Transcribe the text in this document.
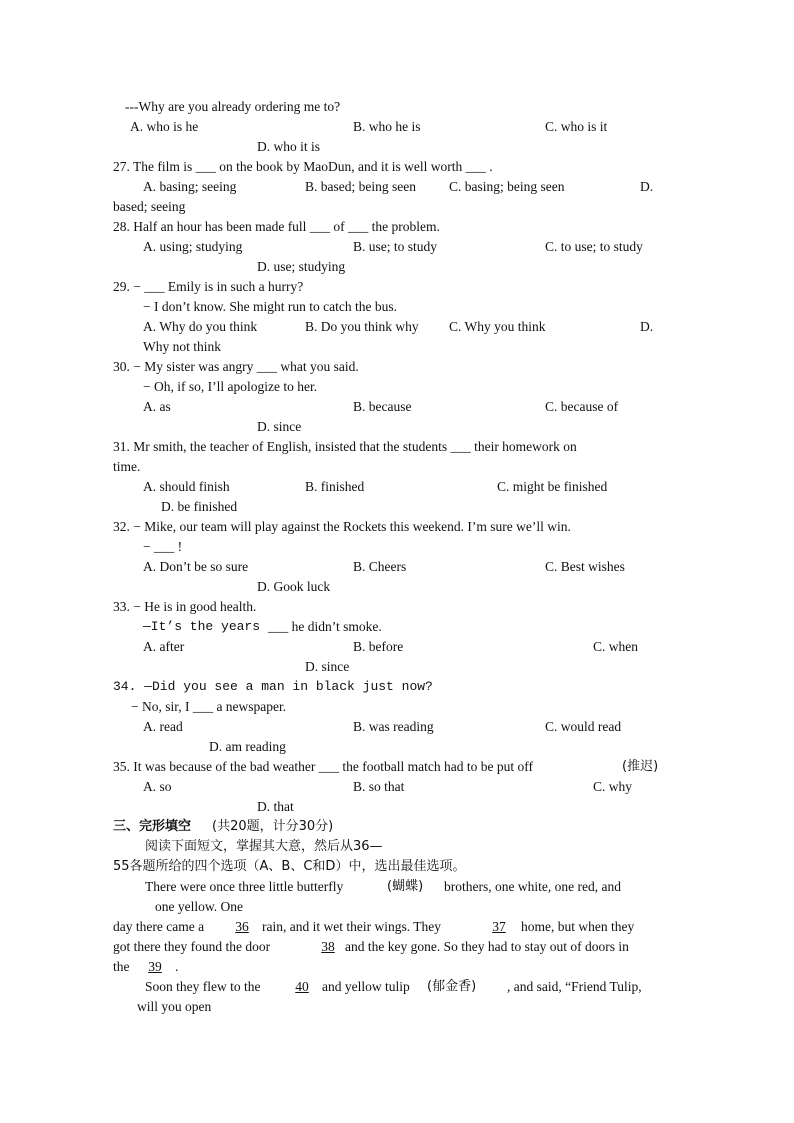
---Why are you already ordering me to?
A. who is he	B. who he is	C. who is it
D. who it is
27. The film is ___ on the book by MaoDun, and it is well worth ___ .
A. basing; seeing	B. based; being seen C. basing; being seen	D.
based; seeing
28. Half an hour has been made full ___ of ___ the problem.
A. using; studying	B. use; to study	C. to use; to study
D. use; studying
29. − ___ Emily is in such a hurry?
− I don’t know. She might run to catch the bus.
A. Why do you think	B. Do you think why C. Why you think	D.
Why not think
30. − My sister was angry ___ what you said.
− Oh, if so, I’ll apologize to her.
A. as	B. because	C. because of
D. since
31. Mr smith, the teacher of English, insisted that the students ___ their homework on
time.
A. should finish	B. finished	C. might be finished
D. be finished
32. − Mike, our team will play against the Rockets this weekend. I’m sure we’ll win.
− ___ !
A. Don’t be so sure	B. Cheers	C. Best wishes
D. Gook luck
33. − He is in good health.
—It’s the years ___ he didn’t smoke.
A. after	B. before	C. when
D. since
34. —Did you see a man in black just now?
− No, sir, I ___ a newspaper.
A. read	B. was reading	C. would read
D. am reading
35. It was because of the bad weather ___ the football match had to be put off	(推迟)
A. so	B. so that	C. why
D. that
三、完形填空 (共20题，计分30分)
阅读下面短文，掌握其大意，然后从36—
55各题所给的四个选项（A、B、C和D）中，选出最佳选项。
There were once three little butterfly	(蝴蝶) brothers, one white, one red, and
one yellow. One
day there came a	36 rain, and it wet their wings. They	37	home, but when they
got there they found the door	38 and the key gone. So they had to stay out of doors in
the	39 .
Soon they flew to the	40 and yellow tulip (郁金香) , and said, “Friend Tulip,
will you open
